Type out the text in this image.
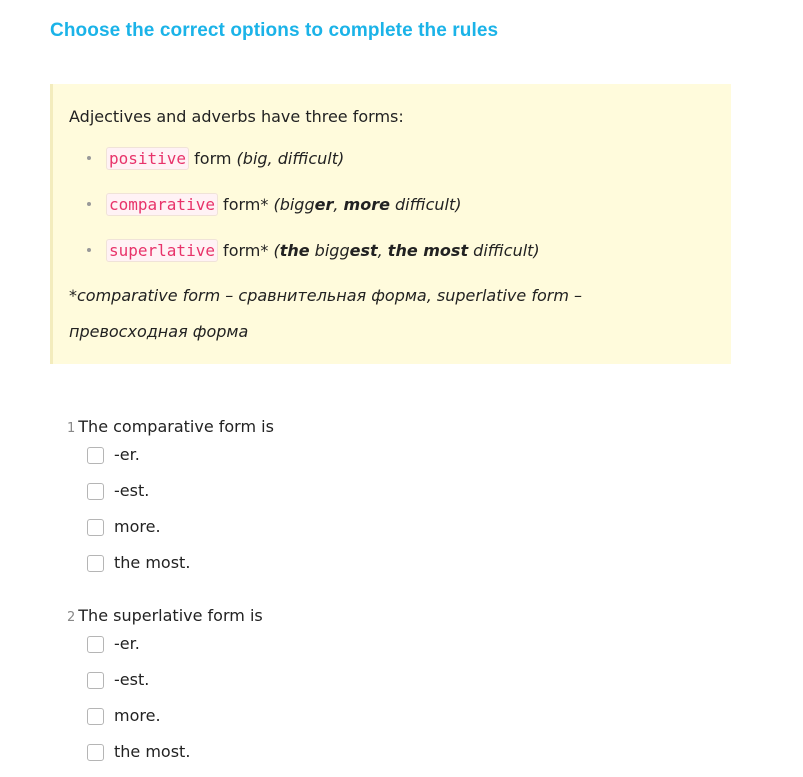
Choose the correct options to complete the rules
Adjectives and adverbs have three forms:
positive form (big, difficult)
comparative form* (bigger, more difficult)
superlative form* (the biggest, the most difficult)
*comparative form – сравнительная форма, superlative form – превосходная форма
1 The comparative form is
-er.
-est.
more.
the most.
2 The superlative form is
-er.
-est.
more.
the most.
